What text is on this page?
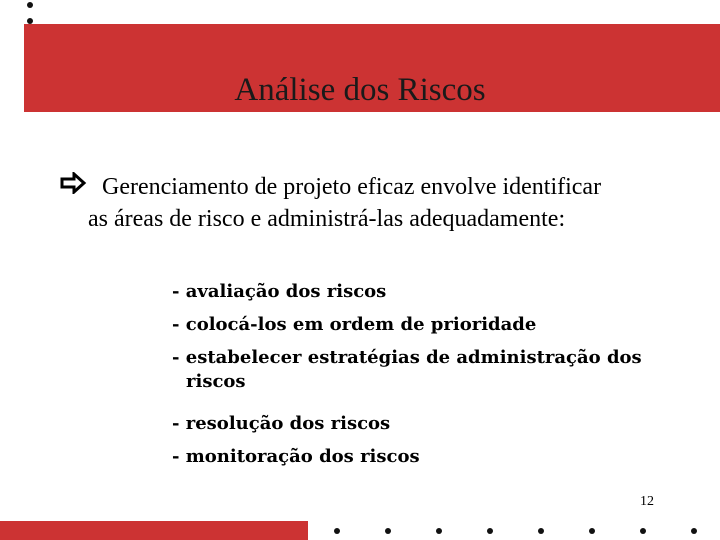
Análise dos Riscos
Gerenciamento de projeto eficaz envolve identificar as áreas de risco e administrá-las adequadamente:
- avaliação dos riscos
- colocá-los em ordem de prioridade
- estabelecer estratégias de administração dos
riscos
- resolução dos riscos
- monitoração dos riscos
12
